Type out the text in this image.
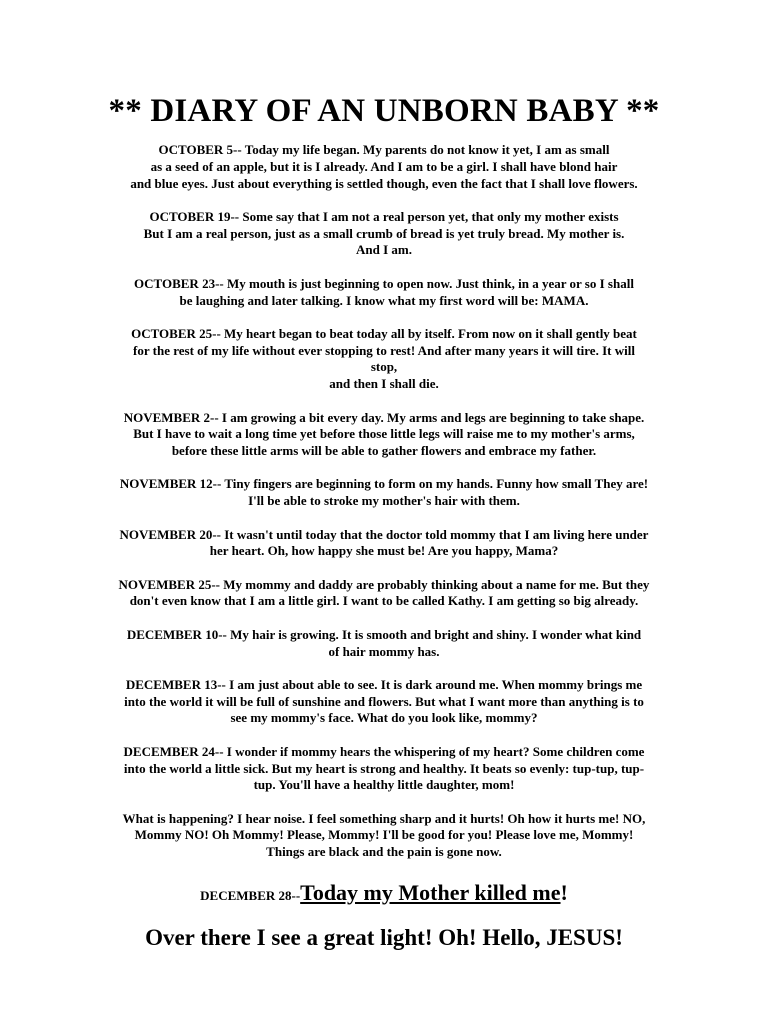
** DIARY OF AN UNBORN BABY **

OCTOBER 5-- Today my life began. My parents do not know it yet, I am as small
as a seed of an apple, but it is I already. And I am to be a girl. I shall have blond hair
and blue eyes. Just about everything is settled though, even the fact that I shall love flowers.

OCTOBER 19-- Some say that I am not a real person yet, that only my mother exists
But I am a real person, just as a small crumb of bread is yet truly bread. My mother is.
And I am.

OCTOBER 23-- My mouth is just beginning to open now. Just think, in a year or so I shall
be laughing and later talking. I know what my first word will be: MAMA.

OCTOBER 25-- My heart began to beat today all by itself. From now on it shall gently beat
for the rest of my life without ever stopping to rest! And after many years it will tire. It will
stop,
and then I shall die.

NOVEMBER 2-- I am growing a bit every day. My arms and legs are beginning to take shape.
But I have to wait a long time yet before those little legs will raise me to my mother's arms,
before these little arms will be able to gather flowers and embrace my father.

NOVEMBER 12-- Tiny fingers are beginning to form on my hands. Funny how small They are!
I'll be able to stroke my mother's hair with them.

NOVEMBER 20-- It wasn't until today that the doctor told mommy that I am living here under
her heart. Oh, how happy she must be! Are you happy, Mama?

NOVEMBER 25-- My mommy and daddy are probably thinking about a name for me. But they
don't even know that I am a little girl. I want to be called Kathy. I am getting so big already.

DECEMBER 10-- My hair is growing. It is smooth and bright and shiny. I wonder what kind
of hair mommy has.

DECEMBER 13-- I am just about able to see. It is dark around me. When mommy brings me
into the world it will be full of sunshine and flowers. But what I want more than anything is to
see my mommy's face. What do you look like, mommy?

DECEMBER 24-- I wonder if mommy hears the whispering of my heart? Some children come
into the world a little sick. But my heart is strong and healthy. It beats so evenly: tup-tup, tup-
tup. You'll have a healthy little daughter, mom!

What is happening? I hear noise. I feel something sharp and it hurts! Oh how it hurts me! NO,
Mommy NO! Oh Mommy! Please, Mommy! I'll be good for you! Please love me, Mommy!
Things are black and the pain is gone now.

DECEMBER 28--Today my Mother killed me!

Over there I see a great light! Oh! Hello, JESUS!
